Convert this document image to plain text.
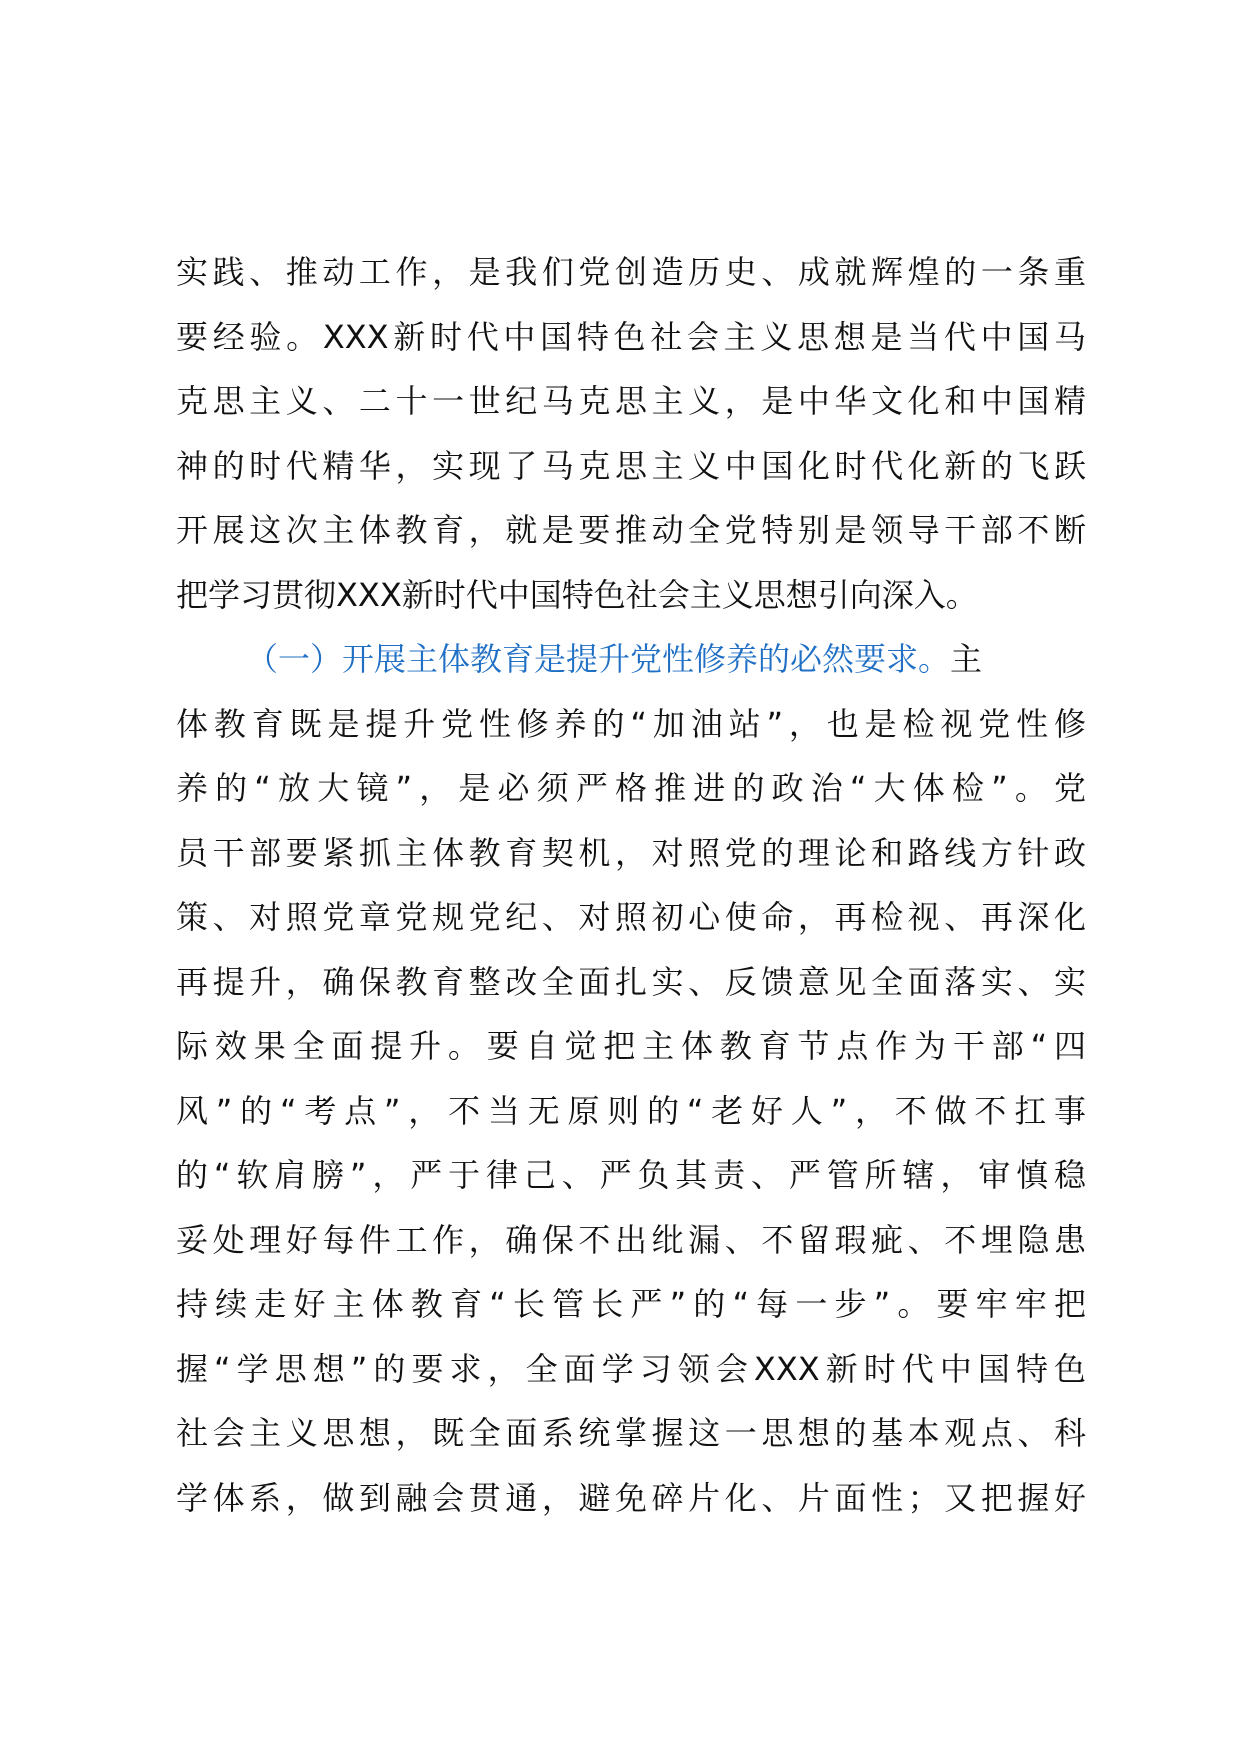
实践、推动工作，是我们党创造历史、成就辉煌的一条重
要经验。XXX新时代中国特色社会主义思想是当代中国马
克思主义、二十一世纪马克思主义，是中华文化和中国精
神的时代精华，实现了马克思主义中国化时代化新的飞跃
开展这次主体教育，就是要推动全党特别是领导干部不断
把学习贯彻XXX新时代中国特色社会主义思想引向深入。
（一）开展主体教育是提升党性修养的必然要求。主
体教育既是提升党性修养的“加油站”，也是检视党性修
养的“放大镜”，是必须严格推进的政治“大体检”。党
员干部要紧抓主体教育契机，对照党的理论和路线方针政
策、对照党章党规党纪、对照初心使命，再检视、再深化
再提升，确保教育整改全面扎实、反馈意见全面落实、实
际效果全面提升。要自觉把主体教育节点作为干部“四
风”的“考点”，不当无原则的“老好人”，不做不扛事
的“软肩膀”，严于律己、严负其责、严管所辖，审慎稳
妥处理好每件工作，确保不出纰漏、不留瑕疵、不埋隐患
持续走好主体教育“长管长严”的“每一步”。要牢牢把
握“学思想”的要求，全面学习领会XXX新时代中国特色
社会主义思想，既全面系统掌握这一思想的基本观点、科
学体系，做到融会贯通，避免碎片化、片面性；又把握好
